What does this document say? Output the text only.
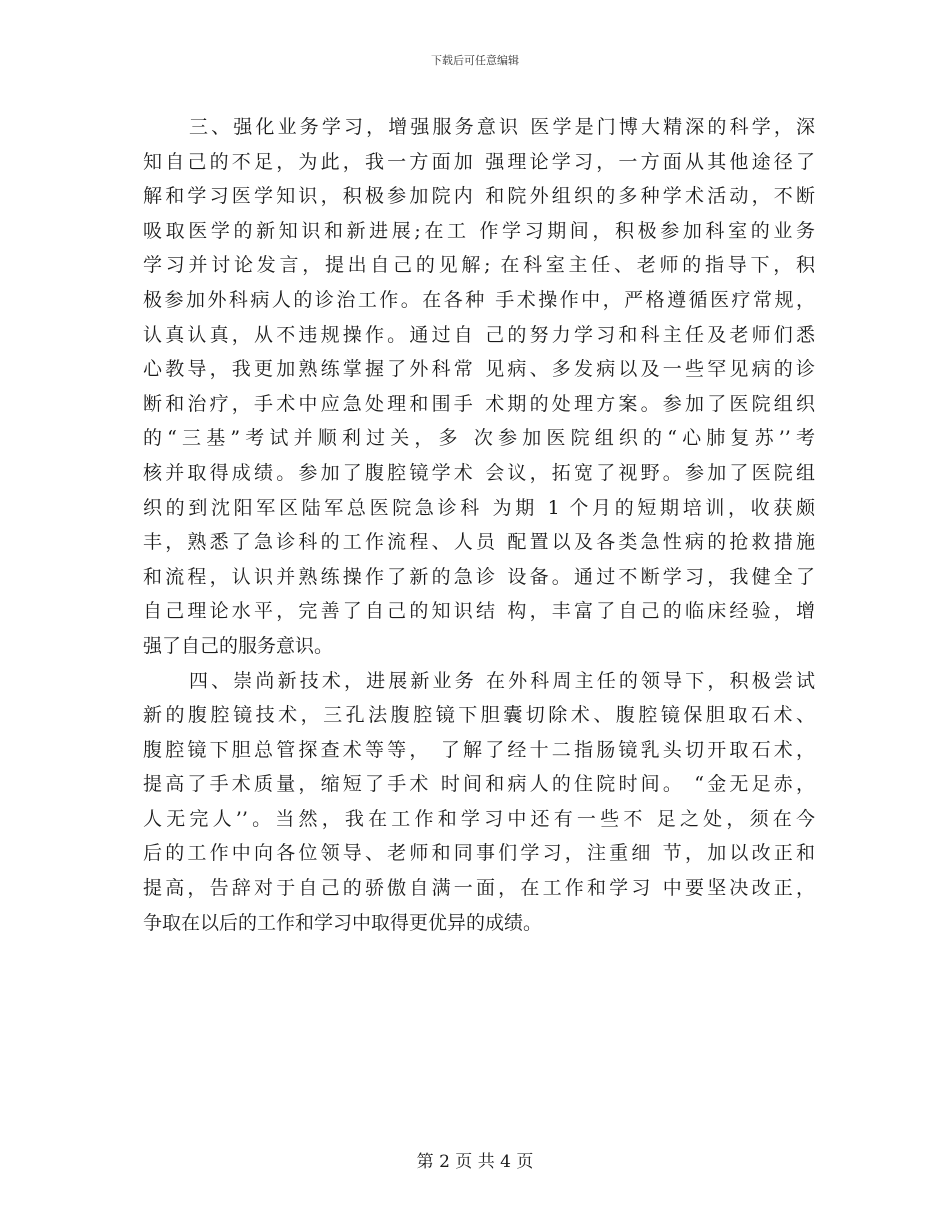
下载后可任意编辑
三、强化业务学习，增强服务意识 医学是门博大精深的科学，深
知自己的不足，为此，我一方面加 强理论学习，一方面从其他途径了
解和学习医学知识，积极参加院内 和院外组织的多种学术活动，不断
吸取医学的新知识和新进展;在工 作学习期间，积极参加科室的业务
学习并讨论发言，提出自己的见解; 在科室主任、老师的指导下，积
极参加外科病人的诊治工作。在各种 手术操作中，严格遵循医疗常规，
认真认真，从不违规操作。通过自 己的努力学习和科主任及老师们悉
心教导，我更加熟练掌握了外科常 见病、多发病以及一些罕见病的诊
断和治疗，手术中应急处理和围手 术期的处理方案。参加了医院组织
的“三基”考试并顺利过关，多 次参加医院组织的“心肺复苏’’考
核并取得成绩。参加了腹腔镜学术 会议，拓宽了视野。参加了医院组
织的到沈阳军区陆军总医院急诊科 为期 1 个月的短期培训，收获颇
丰，熟悉了急诊科的工作流程、人员 配置以及各类急性病的抢救措施
和流程，认识并熟练操作了新的急诊 设备。通过不断学习，我健全了
自己理论水平，完善了自己的知识结 构，丰富了自己的临床经验，增
强了自己的服务意识。
四、崇尚新技术，进展新业务 在外科周主任的领导下，积极尝试
新的腹腔镜技术，三孔法腹腔镜下胆囊切除术、腹腔镜保胆取石术、
腹腔镜下胆总管探查术等等， 了解了经十二指肠镜乳头切开取石术，
提高了手术质量，缩短了手术 时间和病人的住院时间。 “金无足赤，
人无完人’’。当然，我在工作和学习中还有一些不 足之处，须在今
后的工作中向各位领导、老师和同事们学习，注重细 节，加以改正和
提高，告辞对于自己的骄傲自满一面，在工作和学习 中要坚决改正，
争取在以后的工作和学习中取得更优异的成绩。
第 2 页 共 4 页
